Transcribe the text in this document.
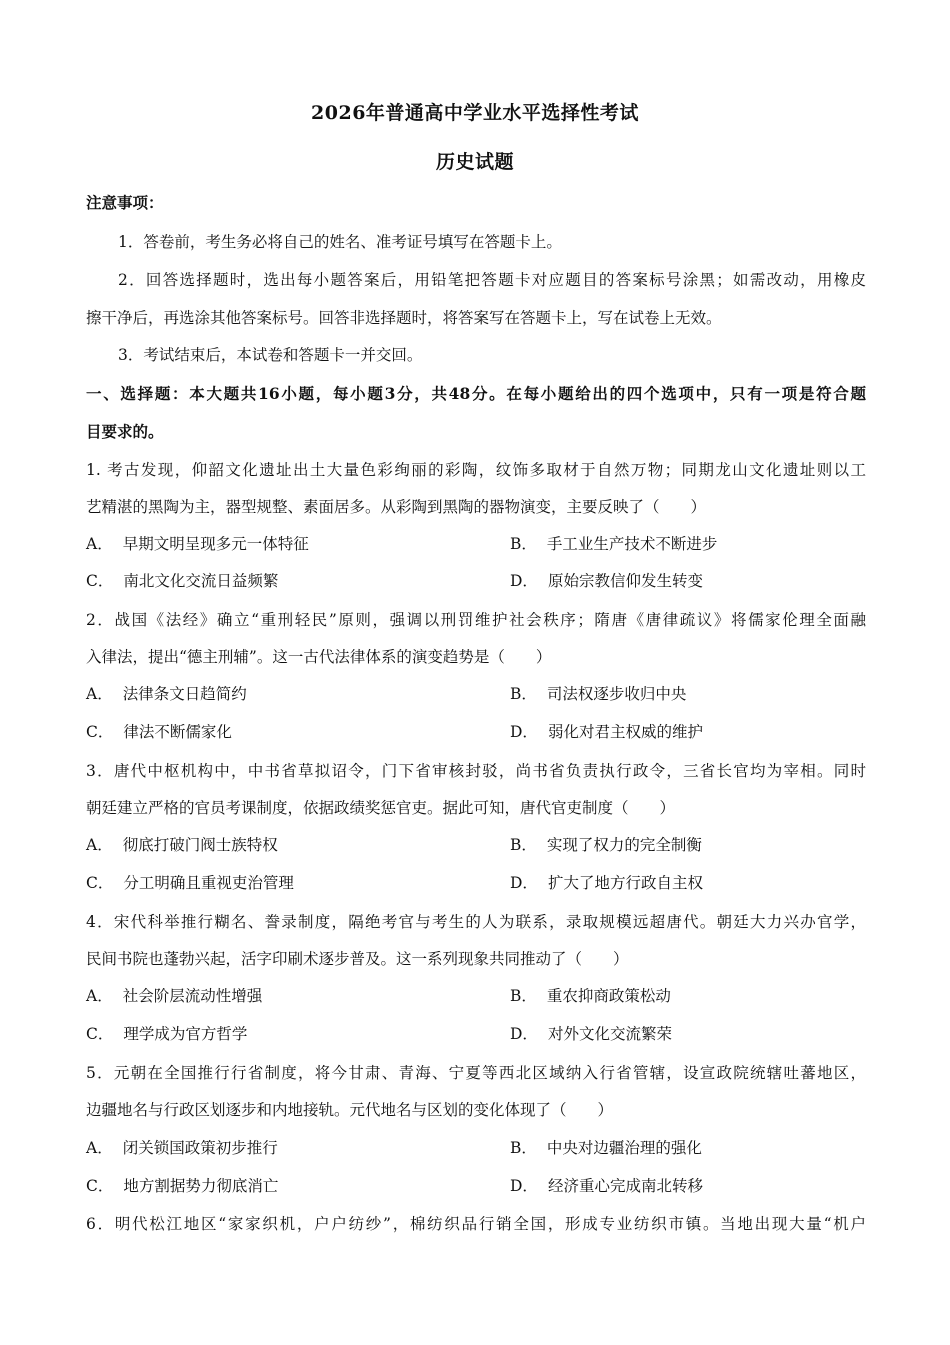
2026年普通高中学业水平选择性考试
历史试题
注意事项：
1．答卷前，考生务必将自己的姓名、准考证号填写在答题卡上。
2．回答选择题时，选出每小题答案后，用铅笔把答题卡对应题目的答案标号涂黑；如需改动，用橡皮
擦干净后，再选涂其他答案标号。回答非选择题时，将答案写在答题卡上，写在试卷上无效。
3．考试结束后，本试卷和答题卡一并交回。
一、选择题：本大题共16小题，每小题3分，共48分。在每小题给出的四个选项中，只有一项是符合题
目要求的。
1. 考古发现，仰韶文化遗址出土大量色彩绚丽的彩陶，纹饰多取材于自然万物；同期龙山文化遗址则以工
艺精湛的黑陶为主，器型规整、素面居多。从彩陶到黑陶的器物演变，主要反映了（　　）
A． 早期文明呈现多元一体特征	B． 手工业生产技术不断进步
C． 南北文化交流日益频繁	D． 原始宗教信仰发生转变
2．战国《法经》确立“重刑轻民”原则，强调以刑罚维护社会秩序；隋唐《唐律疏议》将儒家伦理全面融
入律法，提出“德主刑辅”。这一古代法律体系的演变趋势是（　　）
A． 法律条文日趋简约	B． 司法权逐步收归中央
C． 律法不断儒家化	D． 弱化对君主权威的维护
3．唐代中枢机构中，中书省草拟诏令，门下省审核封驳，尚书省负责执行政令，三省长官均为宰相。同时
朝廷建立严格的官员考课制度，依据政绩奖惩官吏。据此可知，唐代官吏制度（　　）
A． 彻底打破门阀士族特权	B． 实现了权力的完全制衡
C． 分工明确且重视吏治管理	D． 扩大了地方行政自主权
4．宋代科举推行糊名、誊录制度，隔绝考官与考生的人为联系，录取规模远超唐代。朝廷大力兴办官学，
民间书院也蓬勃兴起，活字印刷术逐步普及。这一系列现象共同推动了（　　）
A． 社会阶层流动性增强	B． 重农抑商政策松动
C． 理学成为官方哲学	D． 对外文化交流繁荣
5．元朝在全国推行行省制度，将今甘肃、青海、宁夏等西北区域纳入行省管辖，设宣政院统辖吐蕃地区，
边疆地名与行政区划逐步和内地接轨。元代地名与区划的变化体现了（　　）
A． 闭关锁国政策初步推行	B． 中央对边疆治理的强化
C． 地方割据势力彻底消亡	D． 经济重心完成南北转移
6．明代松江地区“家家织机，户户纺纱”，棉纺织品行销全国，形成专业纺织市镇。当地出现大量“机户
